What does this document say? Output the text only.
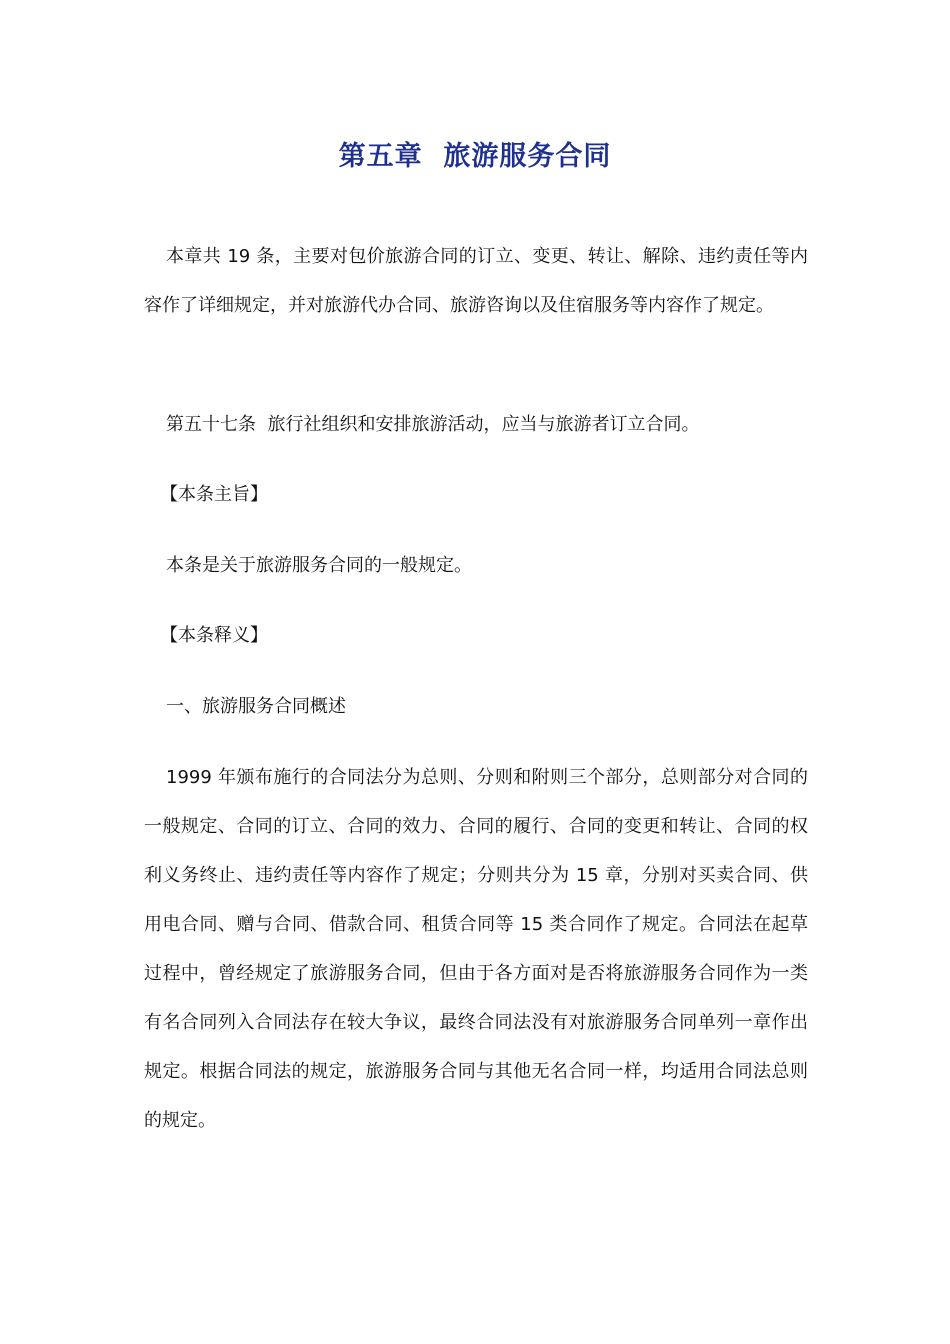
第五章  旅游服务合同
本章共 19 条，主要对包价旅游合同的订立、变更、转让、解除、违约责任等内容作了详细规定，并对旅游代办合同、旅游咨询以及住宿服务等内容作了规定。
第五十七条  旅行社组织和安排旅游活动，应当与旅游者订立合同。
【本条主旨】
本条是关于旅游服务合同的一般规定。
【本条释义】
一、旅游服务合同概述
1999 年颁布施行的合同法分为总则、分则和附则三个部分，总则部分对合同的一般规定、合同的订立、合同的效力、合同的履行、合同的变更和转让、合同的权利义务终止、违约责任等内容作了规定；分则共分为 15 章，分别对买卖合同、供用电合同、赠与合同、借款合同、租赁合同等 15 类合同作了规定。合同法在起草过程中，曾经规定了旅游服务合同，但由于各方面对是否将旅游服务合同作为一类有名合同列入合同法存在较大争议，最终合同法没有对旅游服务合同单列一章作出规定。根据合同法的规定，旅游服务合同与其他无名合同一样，均适用合同法总则的规定。
